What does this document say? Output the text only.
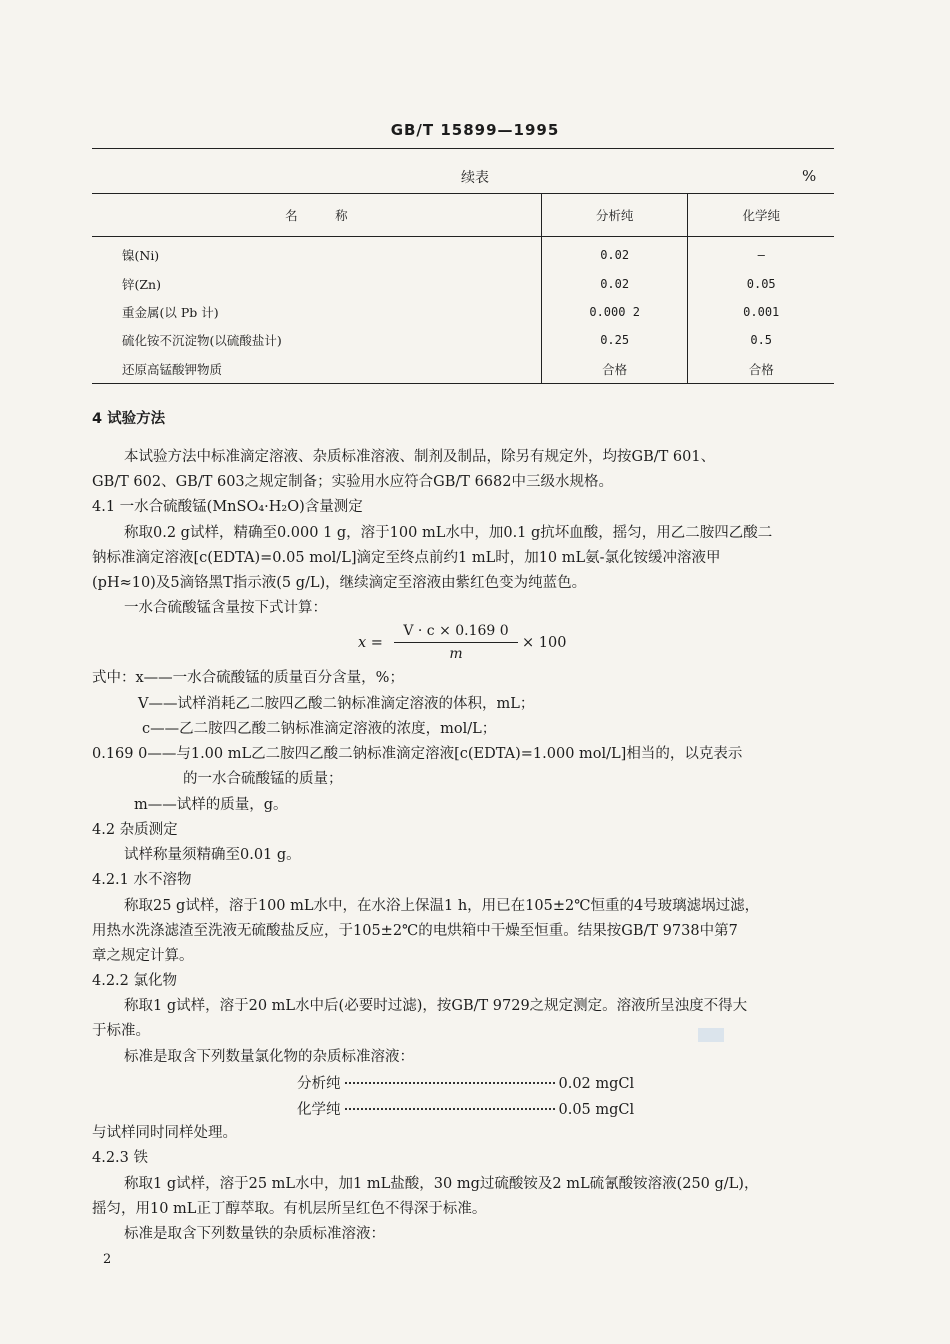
GB/T 15899—1995
续表	%
名　　　称	分析纯	化学纯
镍(Ni)	0.02	—
锌(Zn)	0.02	0.05
重金属(以 Pb 计)	0.000 2	0.001
硫化铵不沉淀物(以硫酸盐计)	0.25	0.5
还原高锰酸钾物质	合格	合格
4 试验方法
本试验方法中标准滴定溶液、杂质标准溶液、制剂及制品，除另有规定外，均按GB/T 601、
GB/T 602、GB/T 603之规定制备；实验用水应符合GB/T 6682中三级水规格。
4.1 一水合硫酸锰(MnSO₄·H₂O)含量测定
称取0.2 g试样，精确至0.000 1 g，溶于100 mL水中，加0.1 g抗坏血酸，摇匀，用乙二胺四乙酸二
钠标准滴定溶液[c(EDTA)=0.05 mol/L]滴定至终点前约1 mL时，加10 mL氨-氯化铵缓冲溶液甲
(pH≈10)及5滴铬黑T指示液(5 g/L)，继续滴定至溶液由紫红色变为纯蓝色。
一水合硫酸锰含量按下式计算：
x =
V · c × 0.169 0
m
× 100
式中：x——一水合硫酸锰的质量百分含量，%；
V——试样消耗乙二胺四乙酸二钠标准滴定溶液的体积，mL；
c——乙二胺四乙酸二钠标准滴定溶液的浓度，mol/L；
0.169 0——与1.00 mL乙二胺四乙酸二钠标准滴定溶液[c(EDTA)=1.000 mol/L]相当的，以克表示
的一水合硫酸锰的质量；
m——试样的质量，g。
4.2 杂质测定
试样称量须精确至0.01 g。
4.2.1 水不溶物
称取25 g试样，溶于100 mL水中，在水浴上保温1 h，用已在105±2℃恒重的4号玻璃滤埚过滤，
用热水洗涤滤渣至洗液无硫酸盐反应，于105±2℃的电烘箱中干燥至恒重。结果按GB/T 9738中第7
章之规定计算。
4.2.2 氯化物
称取1 g试样，溶于20 mL水中后(必要时过滤)，按GB/T 9729之规定测定。溶液所呈浊度不得大
于标准。
标准是取含下列数量氯化物的杂质标准溶液：
分析纯	0.02 mgCl
化学纯	0.05 mgCl
与试样同时同样处理。
4.2.3 铁
称取1 g试样，溶于25 mL水中，加1 mL盐酸，30 mg过硫酸铵及2 mL硫氰酸铵溶液(250 g/L)，
摇匀，用10 mL正丁醇萃取。有机层所呈红色不得深于标准。
标准是取含下列数量铁的杂质标准溶液：
2
